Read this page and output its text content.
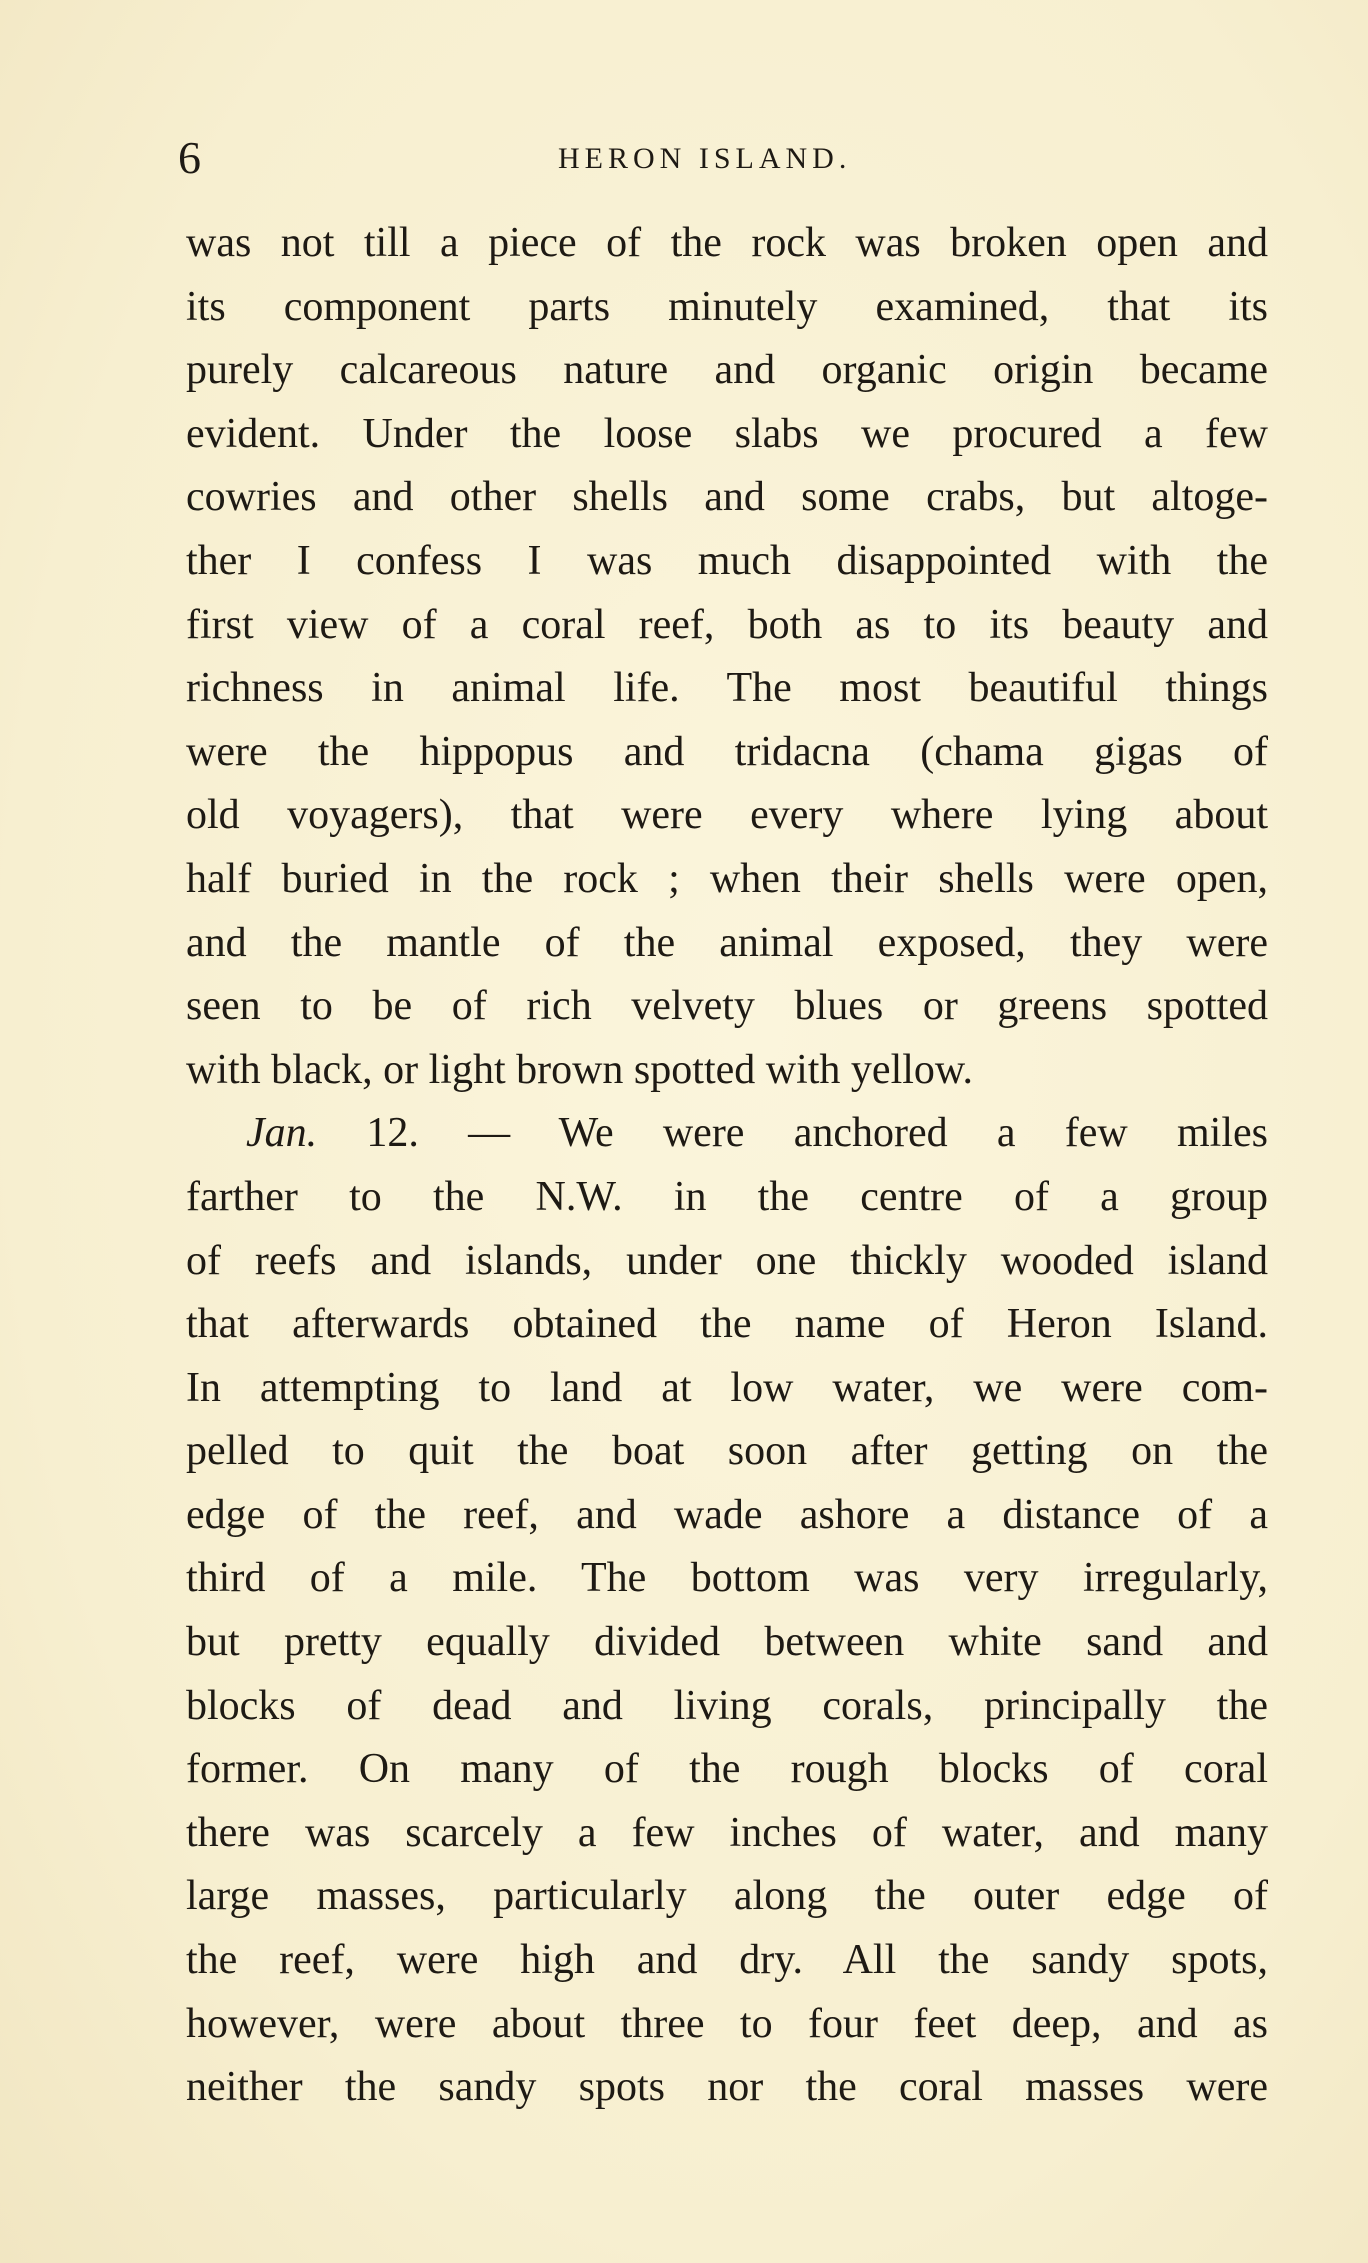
6	HERON ISLAND.
was not till a piece of the rock was broken open and
its component parts minutely examined, that its
purely calcareous nature and organic origin became
evident. Under the loose slabs we procured a few
cowries and other shells and some crabs, but altoge-
ther I confess I was much disappointed with the
first view of a coral reef, both as to its beauty and
richness in animal life. The most beautiful things
were the hippopus and tridacna (chama gigas of
old voyagers), that were every where lying about
half buried in the rock ; when their shells were open,
and the mantle of the animal exposed, they were
seen to be of rich velvety blues or greens spotted
with black, or light brown spotted with yellow.
Jan. 12. — We were anchored a few miles
farther to the N.W. in the centre of a group
of reefs and islands, under one thickly wooded island
that afterwards obtained the name of Heron Island.
In attempting to land at low water, we were com-
pelled to quit the boat soon after getting on the
edge of the reef, and wade ashore a distance of a
third of a mile. The bottom was very irregularly,
but pretty equally divided between white sand and
blocks of dead and living corals, principally the
former. On many of the rough blocks of coral
there was scarcely a few inches of water, and many
large masses, particularly along the outer edge of
the reef, were high and dry. All the sandy spots,
however, were about three to four feet deep, and as
neither the sandy spots nor the coral masses were
